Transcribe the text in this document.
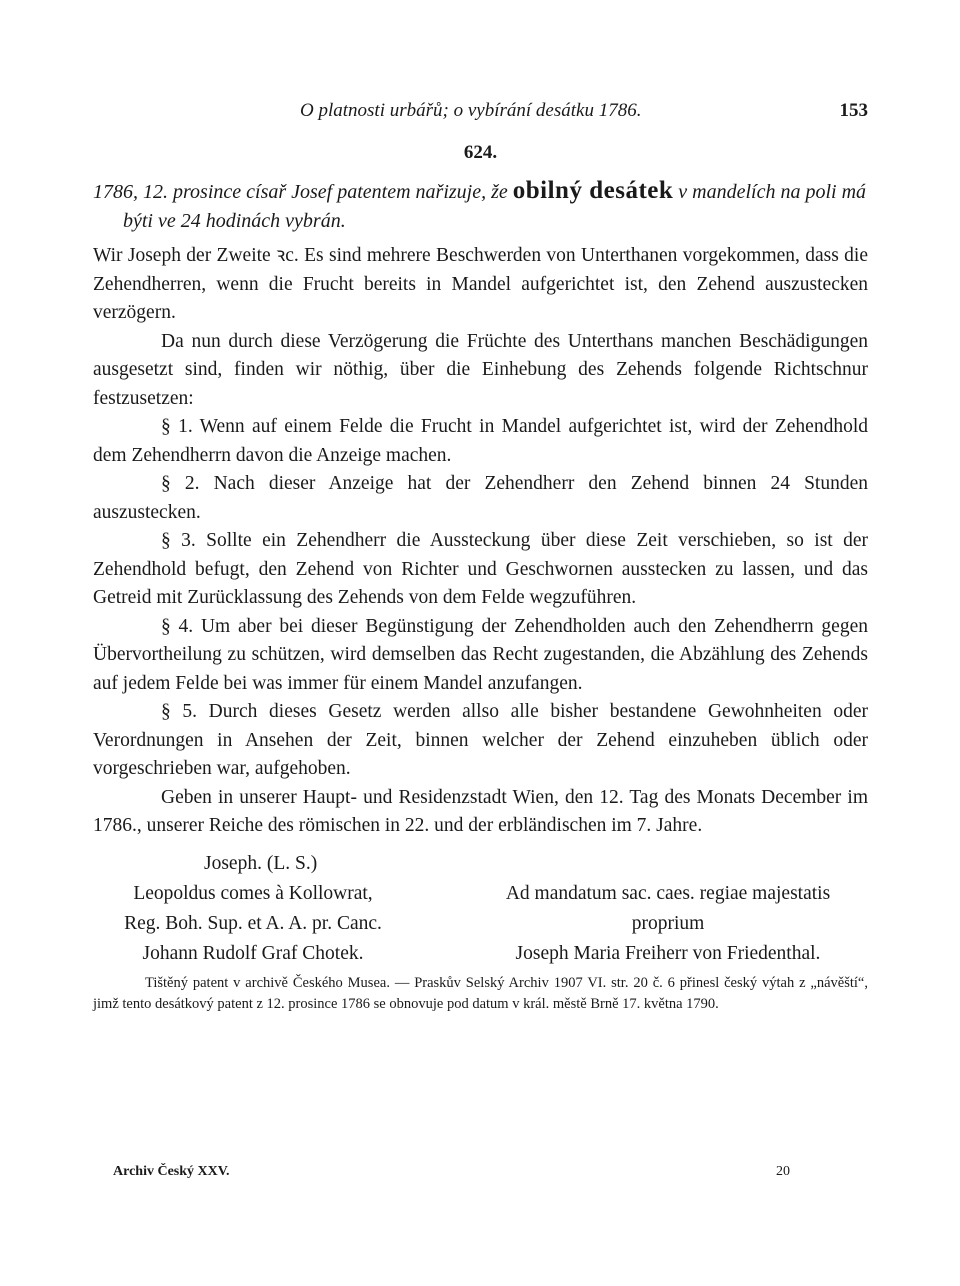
O platnosti urbářů; o vybírání desátku 1786.	153
624.
1786, 12. prosince císař Josef patentem nařizuje, že obilný desátek v mandelích na poli má býti ve 24 hodinách vybrán.

Wir Joseph der Zweite ꝛc. Es sind mehrere Beschwerden von Unterthanen vorgekommen, dass die Zehendherren, wenn die Frucht bereits in Mandel aufgerichtet ist, den Zehend auszustecken verzögern.

Da nun durch diese Verzögerung die Früchte des Unterthans manchen Beschädigungen ausgesetzt sind, finden wir nöthig, über die Einhebung des Zehends folgende Richtschnur festzusetzen:

§ 1. Wenn auf einem Felde die Frucht in Mandel aufgerichtet ist, wird der Zehendhold dem Zehendherrn davon die Anzeige machen.

§ 2. Nach dieser Anzeige hat der Zehendherr den Zehend binnen 24 Stunden auszustecken.

§ 3. Sollte ein Zehendherr die Aussteckung über diese Zeit verschieben, so ist der Zehendhold befugt, den Zehend von Richter und Geschwornen ausstecken zu lassen, und das Getreid mit Zurücklassung des Zehends von dem Felde wegzuführen.

§ 4. Um aber bei dieser Begünstigung der Zehendholden auch den Zehendherrn gegen Übervortheilung zu schützen, wird demselben das Recht zugestanden, die Abzählung des Zehends auf jedem Felde bei was immer für einem Mandel anzufangen.

§ 5. Durch dieses Gesetz werden allso alle bisher bestandene Gewohnheiten oder Verordnungen in Ansehen der Zeit, binnen welcher der Zehend einzuheben üblich oder vorgeschrieben war, aufgehoben.

Geben in unserer Haupt- und Residenzstadt Wien, den 12. Tag des Monats December im 1786., unserer Reiche des römischen in 22. und der erbländischen im 7. Jahre.

Joseph. (L. S.)
Leopoldus comes à Kollowrat,
Reg. Boh. Sup. et A. A. pr. Canc.
Johann Rudolf Graf Chotek.
Ad mandatum sac. caes. regiae majestatis
proprium
Joseph Maria Freiherr von Friedenthal.

Tištěný patent v archivě Českého Musea. — Praskův Selský Archiv 1907 VI. str. 20 č. 6 přinesl český výtah z „návěští“, jimž tento desátkový patent z 12. prosince 1786 se obnovuje pod datum v král. městě Brně 17. května 1790.

Archiv Český XXV.	20
